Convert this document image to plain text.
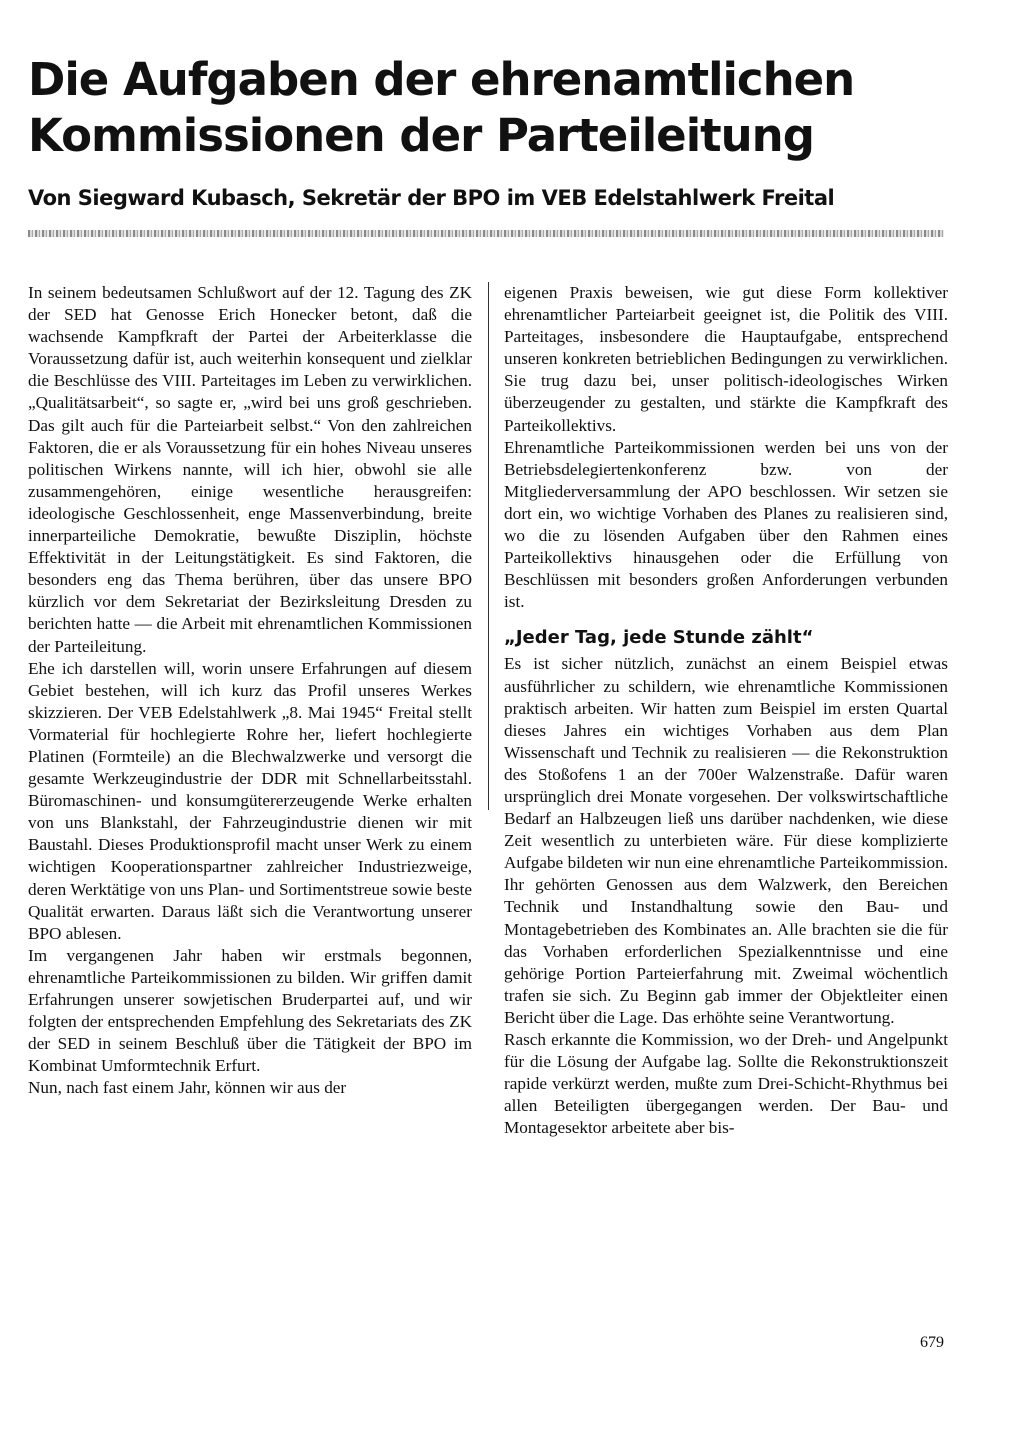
Die Aufgaben der ehrenamtlichen Kommissionen der Parteileitung
Von Siegward Kubasch, Sekretär der BPO im VEB Edelstahlwerk Freital

In seinem bedeutsamen Schlußwort auf der 12. Tagung des ZK der SED hat Genosse Erich Honecker betont, daß die wachsende Kampfkraft der Partei der Arbeiterklasse die Voraussetzung dafür ist, auch weiterhin konsequent und zielklar die Beschlüsse des VIII. Parteitages im Leben zu verwirklichen. „Qualitätsarbeit“, so sagte er, „wird bei uns groß geschrieben. Das gilt auch für die Parteiarbeit selbst.“ Von den zahlreichen Faktoren, die er als Voraussetzung für ein hohes Niveau unseres politischen Wirkens nannte, will ich hier, obwohl sie alle zusammengehören, einige wesentliche herausgreifen: ideologische Geschlossenheit, enge Massenverbindung, breite innerparteiliche Demokratie, bewußte Disziplin, höchste Effektivität in der Leitungstätigkeit. Es sind Faktoren, die besonders eng das Thema berühren, über das unsere BPO kürzlich vor dem Sekretariat der Bezirksleitung Dresden zu berichten hatte — die Arbeit mit ehrenamtlichen Kommissionen der Parteileitung.

Ehe ich darstellen will, worin unsere Erfahrungen auf diesem Gebiet bestehen, will ich kurz das Profil unseres Werkes skizzieren. Der VEB Edelstahlwerk „8. Mai 1945“ Freital stellt Vormaterial für hochlegierte Rohre her, liefert hochlegierte Platinen (Formteile) an die Blechwalzwerke und versorgt die gesamte Werkzeugindustrie der DDR mit Schnellarbeitsstahl. Büromaschinen- und konsumgütererzeugende Werke erhalten von uns Blankstahl, der Fahrzeugindustrie dienen wir mit Baustahl. Dieses Produktionsprofil macht unser Werk zu einem wichtigen Kooperationspartner zahlreicher Industriezweige, deren Werktätige von uns Plan- und Sortimentstreue sowie beste Qualität erwarten. Daraus läßt sich die Verantwortung unserer BPO ablesen.

Im vergangenen Jahr haben wir erstmals begonnen, ehrenamtliche Parteikommissionen zu bilden. Wir griffen damit Erfahrungen unserer sowjetischen Bruderpartei auf, und wir folgten der entsprechenden Empfehlung des Sekretariats des ZK der SED in seinem Beschluß über die Tätigkeit der BPO im Kombinat Umformtechnik Erfurt.

Nun, nach fast einem Jahr, können wir aus der

eigenen Praxis beweisen, wie gut diese Form kollektiver ehrenamtlicher Parteiarbeit geeignet ist, die Politik des VIII. Parteitages, insbesondere die Hauptaufgabe, entsprechend unseren konkreten betrieblichen Bedingungen zu verwirklichen. Sie trug dazu bei, unser politisch-ideologisches Wirken überzeugender zu gestalten, und stärkte die Kampfkraft des Parteikollektivs.

Ehrenamtliche Parteikommissionen werden bei uns von der Betriebsdelegiertenkonferenz bzw. von der Mitgliederversammlung der APO beschlossen. Wir setzen sie dort ein, wo wichtige Vorhaben des Planes zu realisieren sind, wo die zu lösenden Aufgaben über den Rahmen eines Parteikollektivs hinausgehen oder die Erfüllung von Beschlüssen mit besonders großen Anforderungen verbunden ist.

„Jeder Tag, jede Stunde zählt“

Es ist sicher nützlich, zunächst an einem Beispiel etwas ausführlicher zu schildern, wie ehrenamtliche Kommissionen praktisch arbeiten. Wir hatten zum Beispiel im ersten Quartal dieses Jahres ein wichtiges Vorhaben aus dem Plan Wissenschaft und Technik zu realisieren — die Rekonstruktion des Stoßofens 1 an der 700er Walzenstraße. Dafür waren ursprünglich drei Monate vorgesehen. Der volkswirtschaftliche Bedarf an Halbzeugen ließ uns darüber nachdenken, wie diese Zeit wesentlich zu unterbieten wäre. Für diese komplizierte Aufgabe bildeten wir nun eine ehrenamtliche Parteikommission. Ihr gehörten Genossen aus dem Walzwerk, den Bereichen Technik und Instandhaltung sowie den Bau- und Montagebetrieben des Kombinates an. Alle brachten sie die für das Vorhaben erforderlichen Spezialkenntnisse und eine gehörige Portion Parteierfahrung mit. Zweimal wöchentlich trafen sie sich. Zu Beginn gab immer der Objektleiter einen Bericht über die Lage. Das erhöhte seine Verantwortung.

Rasch erkannte die Kommission, wo der Dreh- und Angelpunkt für die Lösung der Aufgabe lag. Sollte die Rekonstruktionszeit rapide verkürzt werden, mußte zum Drei-Schicht-Rhythmus bei allen Beteiligten übergegangen werden. Der Bau- und Montagesektor arbeitete aber bis-

679
